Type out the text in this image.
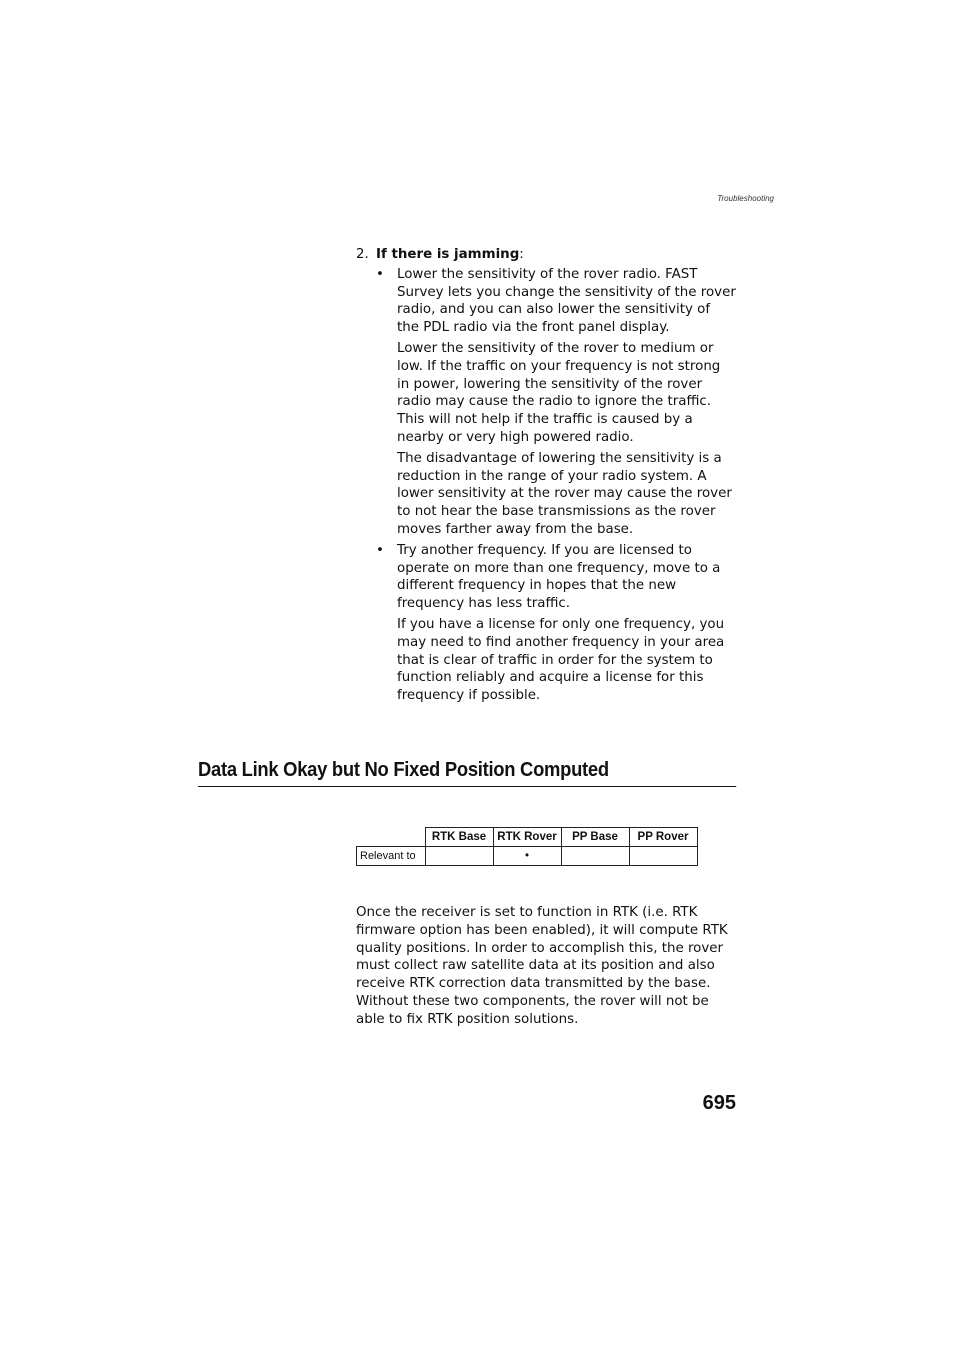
Troubleshooting
2. If there is jamming:
• Lower the sensitivity of the rover radio. FAST Survey lets you change the sensitivity of the rover radio, and you can also lower the sensitivity of the PDL radio via the front panel display.

Lower the sensitivity of the rover to medium or low. If the traffic on your frequency is not strong in power, lowering the sensitivity of the rover radio may cause the radio to ignore the traffic. This will not help if the traffic is caused by a nearby or very high powered radio.

The disadvantage of lowering the sensitivity is a reduction in the range of your radio system. A lower sensitivity at the rover may cause the rover to not hear the base transmissions as the rover moves farther away from the base.

• Try another frequency. If you are licensed to operate on more than one frequency, move to a different frequency in hopes that the new frequency has less traffic.

If you have a license for only one frequency, you may need to find another frequency in your area that is clear of traffic in order for the system to function reliably and acquire a license for this frequency if possible.

Data Link Okay but No Fixed Position Computed
	RTK Base	RTK Rover	PP Base	PP Rover
Relevant to		•		

Once the receiver is set to function in RTK (i.e. RTK firmware option has been enabled), it will compute RTK quality positions. In order to accomplish this, the rover must collect raw satellite data at its position and also receive RTK correction data transmitted by the base. Without these two components, the rover will not be able to fix RTK position solutions.

695
